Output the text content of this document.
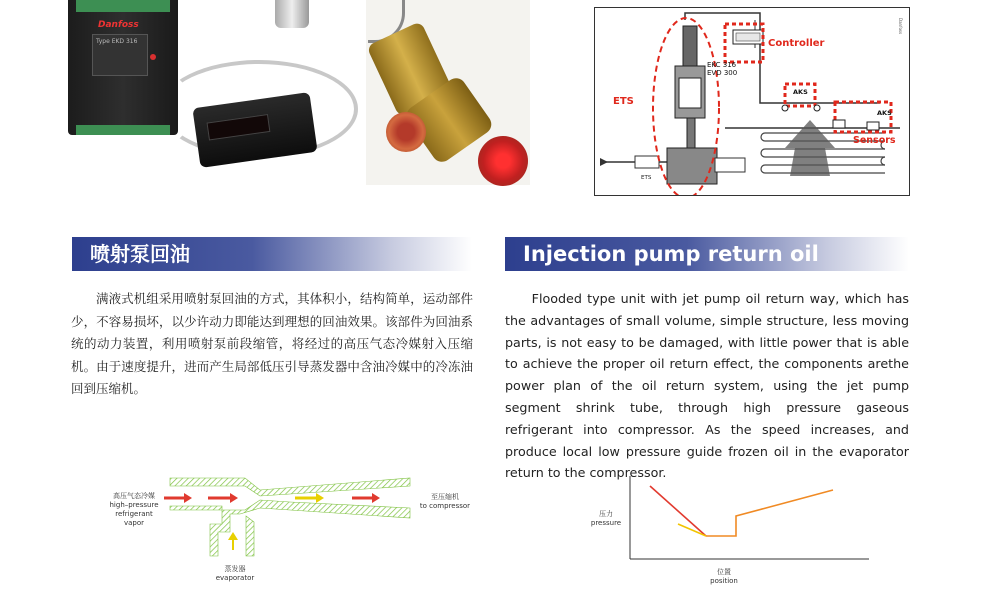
Danfoss
Type EKD 316
Danfoss
ETS
ETS
Controller
EKC 316
EVD 300
AKS
AKS
Sensors
喷射泵回油	Injection pump return oil
满液式机组采用喷射泵回油的方式，其体积小，结构简单，运动部件少，不容易损坏，以少许动力即能达到理想的回油效果。该部件为回油系统的动力装置，利用喷射泵前段缩管，将经过的高压气态冷媒射入压缩机。由于速度提升，进而产生局部低压引导蒸发器中含油冷媒中的冷冻油回到压缩机。
Flooded type unit with jet pump oil return way, which has the advantages of small volume, simple structure, less moving parts, is not easy to be damaged, with little power that is able to achieve the proper oil return effect, the components arethe power plan of the oil return system, using the jet pump segment shrink tube, through high pressure gaseous refrigerant into compressor. As the speed increases, and produce local low pressure guide frozen oil in the evaporator return to the compressor.
高压气态冷媒
high–pressure
refrigerant vapor
至压缩机
to compressor
蒸发器
evaporator
压力
pressure
位置
position
